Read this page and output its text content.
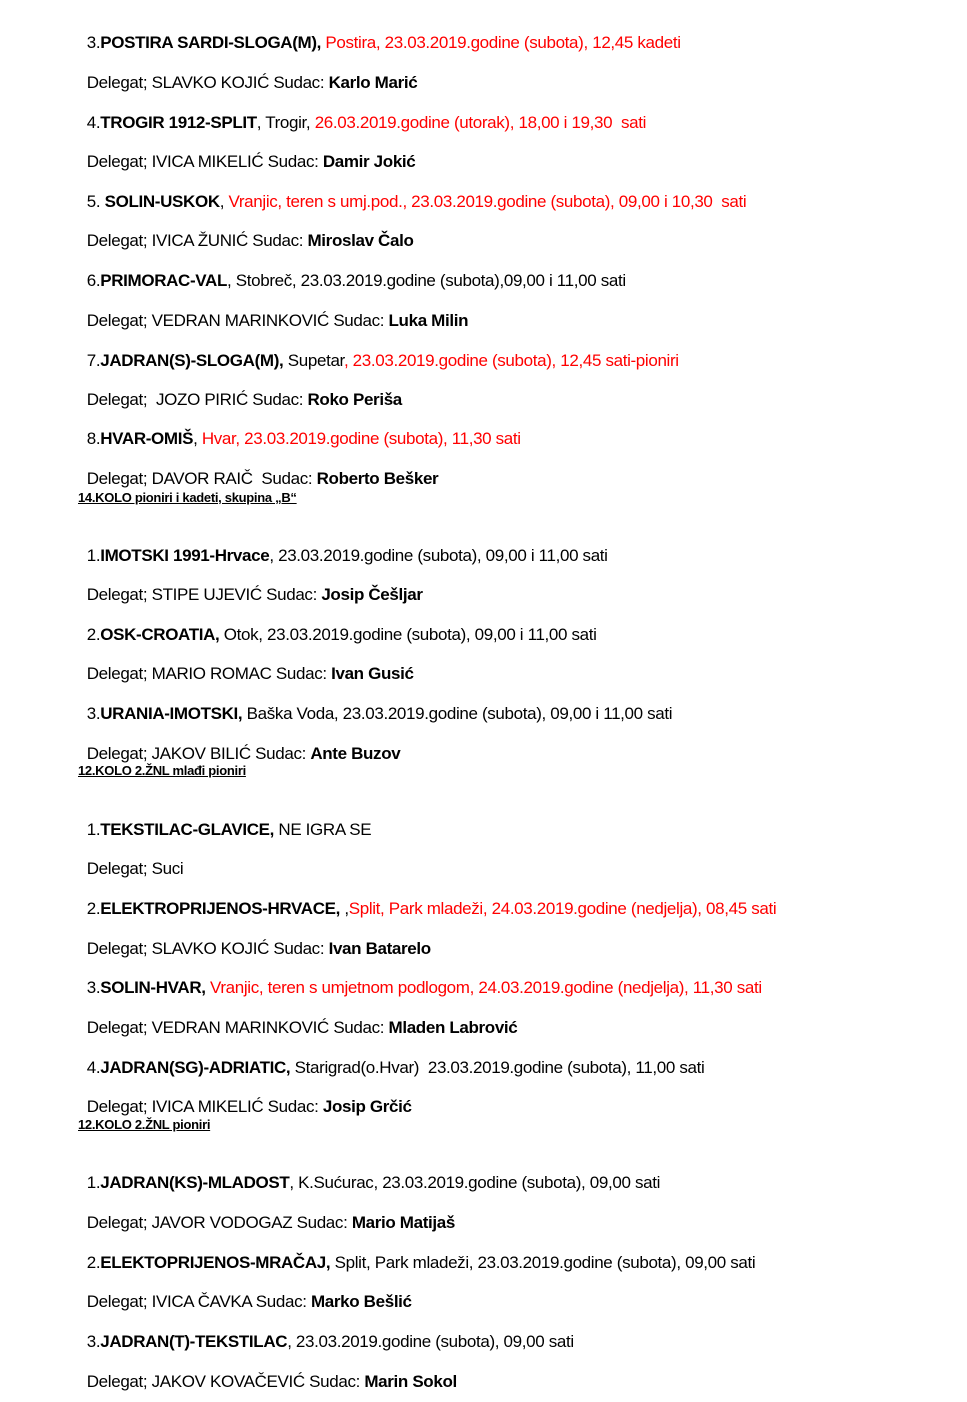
3.POSTIRA SARDI-SLOGA(M), Postira, 23.03.2019.godine (subota), 12,45 kadeti

Delegat; SLAVKO KOJIĆ Sudac: Karlo Marić

4.TROGIR 1912-SPLIT, Trogir, 26.03.2019.godine (utorak), 18,00 i 19,30  sati

Delegat; IVICA MIKELIĆ Sudac: Damir Jokić

5. SOLIN-USKOK, Vranjic, teren s umj.pod., 23.03.2019.godine (subota), 09,00 i 10,30  sati

Delegat; IVICA ŽUNIĆ Sudac: Miroslav Čalo

6.PRIMORAC-VAL, Stobreč, 23.03.2019.godine (subota),09,00 i 11,00 sati

Delegat; VEDRAN MARINKOVIĆ Sudac: Luka Milin

7.JADRAN(S)-SLOGA(M), Supetar, 23.03.2019.godine (subota), 12,45 sati-pioniri

Delegat;  JOZO PIRIĆ Sudac: Roko Periša

8.HVAR-OMIŠ, Hvar, 23.03.2019.godine (subota), 11,30 sati

Delegat; DAVOR RAIČ  Sudac: Roberto Bešker

14.KOLO pioniri i kadeti, skupina „B“

1.IMOTSKI 1991-Hrvace, 23.03.2019.godine (subota), 09,00 i 11,00 sati

Delegat; STIPE UJEVIĆ Sudac: Josip Češljar

2.OSK-CROATIA, Otok, 23.03.2019.godine (subota), 09,00 i 11,00 sati

Delegat; MARIO ROMAC Sudac: Ivan Gusić

3.URANIA-IMOTSKI, Baška Voda, 23.03.2019.godine (subota), 09,00 i 11,00 sati

Delegat; JAKOV BILIĆ Sudac: Ante Buzov

12.KOLO 2.ŽNL mlađi pioniri

1.TEKSTILAC-GLAVICE, NE IGRA SE

Delegat; Suci

2.ELEKTROPRIJENOS-HRVACE, ,Split, Park mladeži, 24.03.2019.godine (nedjelja), 08,45 sati

Delegat; SLAVKO KOJIĆ Sudac: Ivan Batarelo

3.SOLIN-HVAR, Vranjic, teren s umjetnom podlogom, 24.03.2019.godine (nedjelja), 11,30 sati

Delegat; VEDRAN MARINKOVIĆ Sudac: Mladen Labrović

4.JADRAN(SG)-ADRIATIC, Starigrad(o.Hvar)  23.03.2019.godine (subota), 11,00 sati

Delegat; IVICA MIKELIĆ Sudac: Josip Grčić

12.KOLO 2.ŽNL pioniri

1.JADRAN(KS)-MLADOST, K.Sućurac, 23.03.2019.godine (subota), 09,00 sati

Delegat; JAVOR VODOGAZ Sudac: Mario Matijaš

2.ELEKTOPRIJENOS-MRAČAJ, Split, Park mladeži, 23.03.2019.godine (subota), 09,00 sati

Delegat; IVICA ČAVKA Sudac: Marko Bešlić

3.JADRAN(T)-TEKSTILAC, 23.03.2019.godine (subota), 09,00 sati

Delegat; JAKOV KOVAČEVIĆ Sudac: Marin Sokol
